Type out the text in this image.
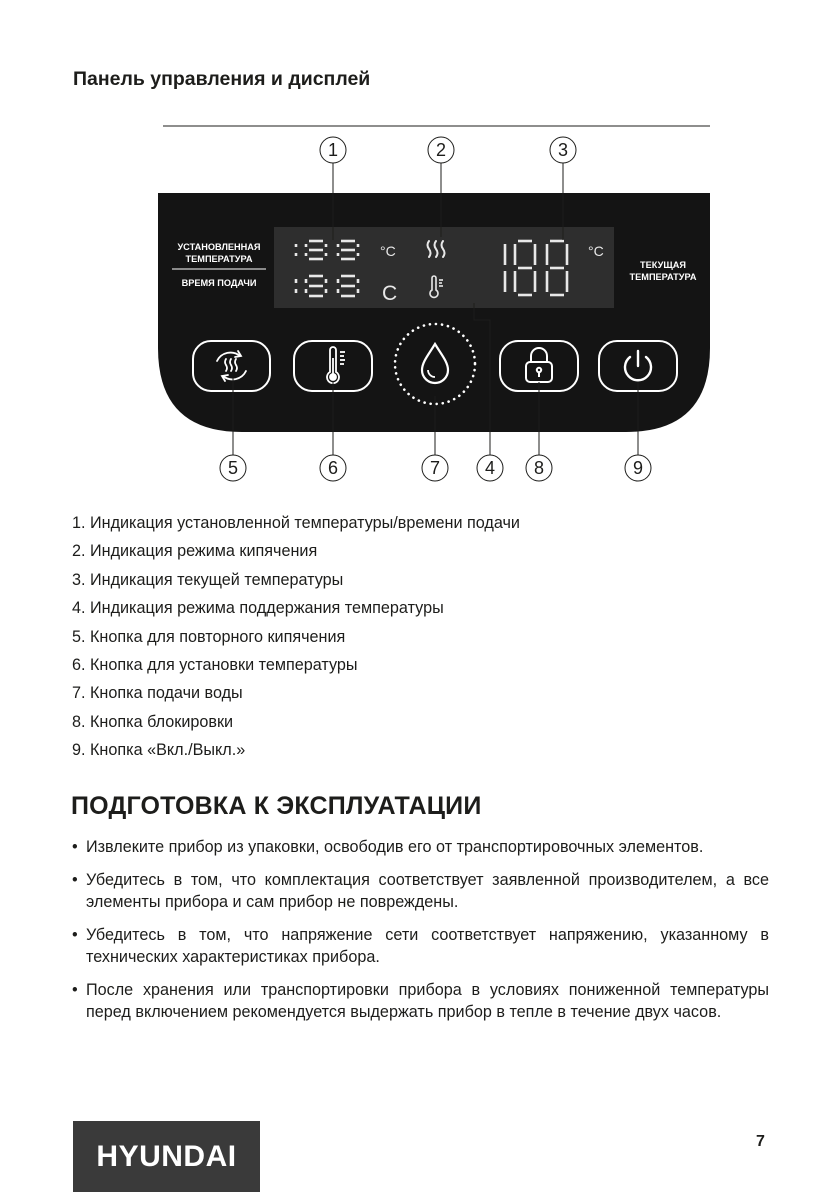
Панель управления и дисплей
УСТАНОВЛЕННАЯ
ТЕМПЕРАТУРА
ВРЕМЯ ПОДАЧИ
ТЕКУЩАЯ
ТЕМПЕРАТУРА
°C
C
°C
1	2	3
5	6	7 4 8	9
1. Индикация установленной температуры/времени подачи
2. Индикация режима кипячения
3. Индикация текущей температуры
4. Индикация режима поддержания температуры
5. Кнопка для повторного кипячения
6. Кнопка для установки температуры
7. Кнопка подачи воды
8. Кнопка блокировки
9. Кнопка «Вкл./Выкл.»
ПОДГОТОВКА К ЭКСПЛУАТАЦИИ
• Извлеките прибор из упаковки, освободив его от транспортировочных элементов.
• Убедитесь в том, что комплектация соответствует заявленной производителем, а все элементы прибора и сам прибор не повреждены.
• Убедитесь в том, что напряжение сети соответствует напряжению, указанному в технических характеристиках прибора.
• После хранения или транспортировки прибора в условиях пониженной температуры перед включением рекомендуется выдержать прибор в тепле в течение двух часов.
HYUNDAI	7
